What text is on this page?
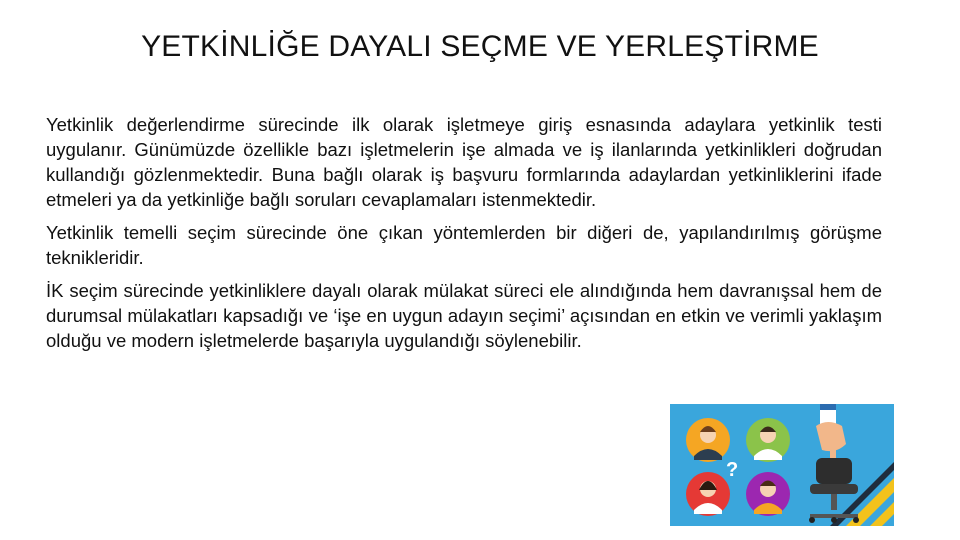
YETKİNLİĞE DAYALI SEÇME VE YERLEŞTİRME

Yetkinlik değerlendirme sürecinde ilk olarak işletmeye giriş esnasında adaylara yetkinlik testi uygulanır. Günümüzde özellikle bazı işletmelerin işe almada ve iş ilanlarında yetkinlikleri doğrudan kullandığı gözlenmektedir. Buna bağlı olarak iş başvuru formlarında adaylardan yetkinliklerini ifade etmeleri ya da yetkinliğe bağlı soruları cevaplamaları istenmektedir.

Yetkinlik temelli seçim sürecinde öne çıkan yöntemlerden bir diğeri de, yapılandırılmış görüşme teknikleridir.

İK seçim sürecinde yetkinliklere dayalı olarak mülakat süreci ele alındığında hem davranışsal hem de durumsal mülakatları kapsadığı ve ‘işe en uygun adayın seçimi’ açısından en etkin ve verimli yaklaşım olduğu ve modern işletmelerde başarıyla uygulandığı söylenebilir.

?
